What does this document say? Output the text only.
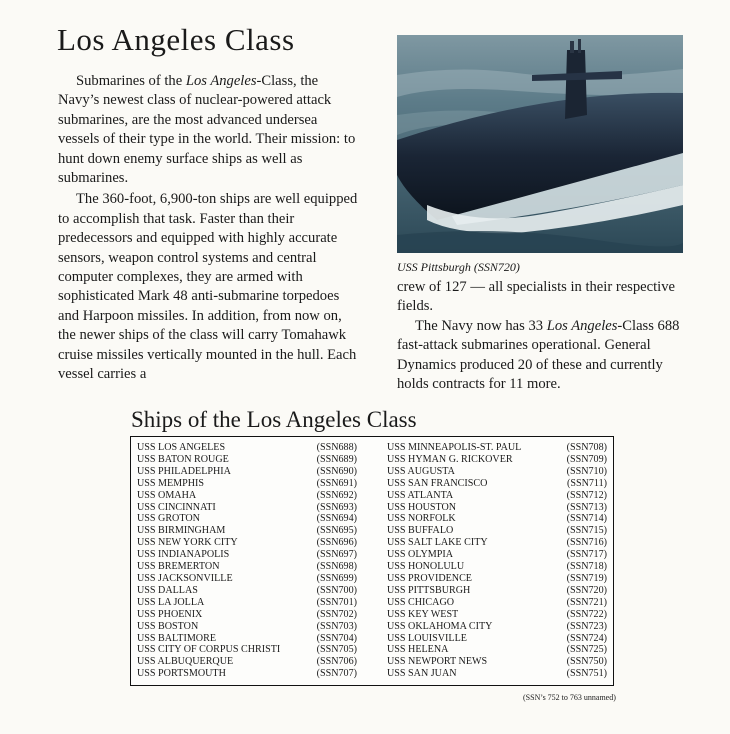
Los Angeles Class

Submarines of the Los Angeles-Class, the Navy’s newest class of nuclear-powered attack submarines, are the most advanced undersea vessels of their type in the world. Their mission: to hunt down enemy surface ships as well as submarines.

The 360-foot, 6,900-ton ships are well equipped to accomplish that task. Faster than their predecessors and equipped with highly accurate sensors, weapon control systems and central computer complexes, they are armed with sophisticated Mark 48 anti-submarine torpedoes and Harpoon missiles. In addition, from now on, the newer ships of the class will carry Tomahawk cruise missiles vertically mounted in the hull. Each vessel carries a

USS Pittsburgh (SSN720)

crew of 127 — all specialists in their respective fields.

The Navy now has 33 Los Angeles-Class 688 fast-attack submarines operational. General Dynamics produced 20 of these and currently holds contracts for 11 more.

Ships of the Los Angeles Class
USS LOS ANGELES	(SSN688)
USS BATON ROUGE	(SSN689)
USS PHILADELPHIA	(SSN690)
USS MEMPHIS	(SSN691)
USS OMAHA	(SSN692)
USS CINCINNATI	(SSN693)
USS GROTON	(SSN694)
USS BIRMINGHAM	(SSN695)
USS NEW YORK CITY	(SSN696)
USS INDIANAPOLIS	(SSN697)
USS BREMERTON	(SSN698)
USS JACKSONVILLE	(SSN699)
USS DALLAS	(SSN700)
USS LA JOLLA	(SSN701)
USS PHOENIX	(SSN702)
USS BOSTON	(SSN703)
USS BALTIMORE	(SSN704)
USS CITY OF CORPUS CHRISTI	(SSN705)
USS ALBUQUERQUE	(SSN706)
USS PORTSMOUTH	(SSN707)
USS MINNEAPOLIS-ST. PAUL	(SSN708)
USS HYMAN G. RICKOVER	(SSN709)
USS AUGUSTA	(SSN710)
USS SAN FRANCISCO	(SSN711)
USS ATLANTA	(SSN712)
USS HOUSTON	(SSN713)
USS NORFOLK	(SSN714)
USS BUFFALO	(SSN715)
USS SALT LAKE CITY	(SSN716)
USS OLYMPIA	(SSN717)
USS HONOLULU	(SSN718)
USS PROVIDENCE	(SSN719)
USS PITTSBURGH	(SSN720)
USS CHICAGO	(SSN721)
USS KEY WEST	(SSN722)
USS OKLAHOMA CITY	(SSN723)
USS LOUISVILLE	(SSN724)
USS HELENA	(SSN725)
USS NEWPORT NEWS	(SSN750)
USS SAN JUAN	(SSN751)
(SSN’s 752 to 763 unnamed)
